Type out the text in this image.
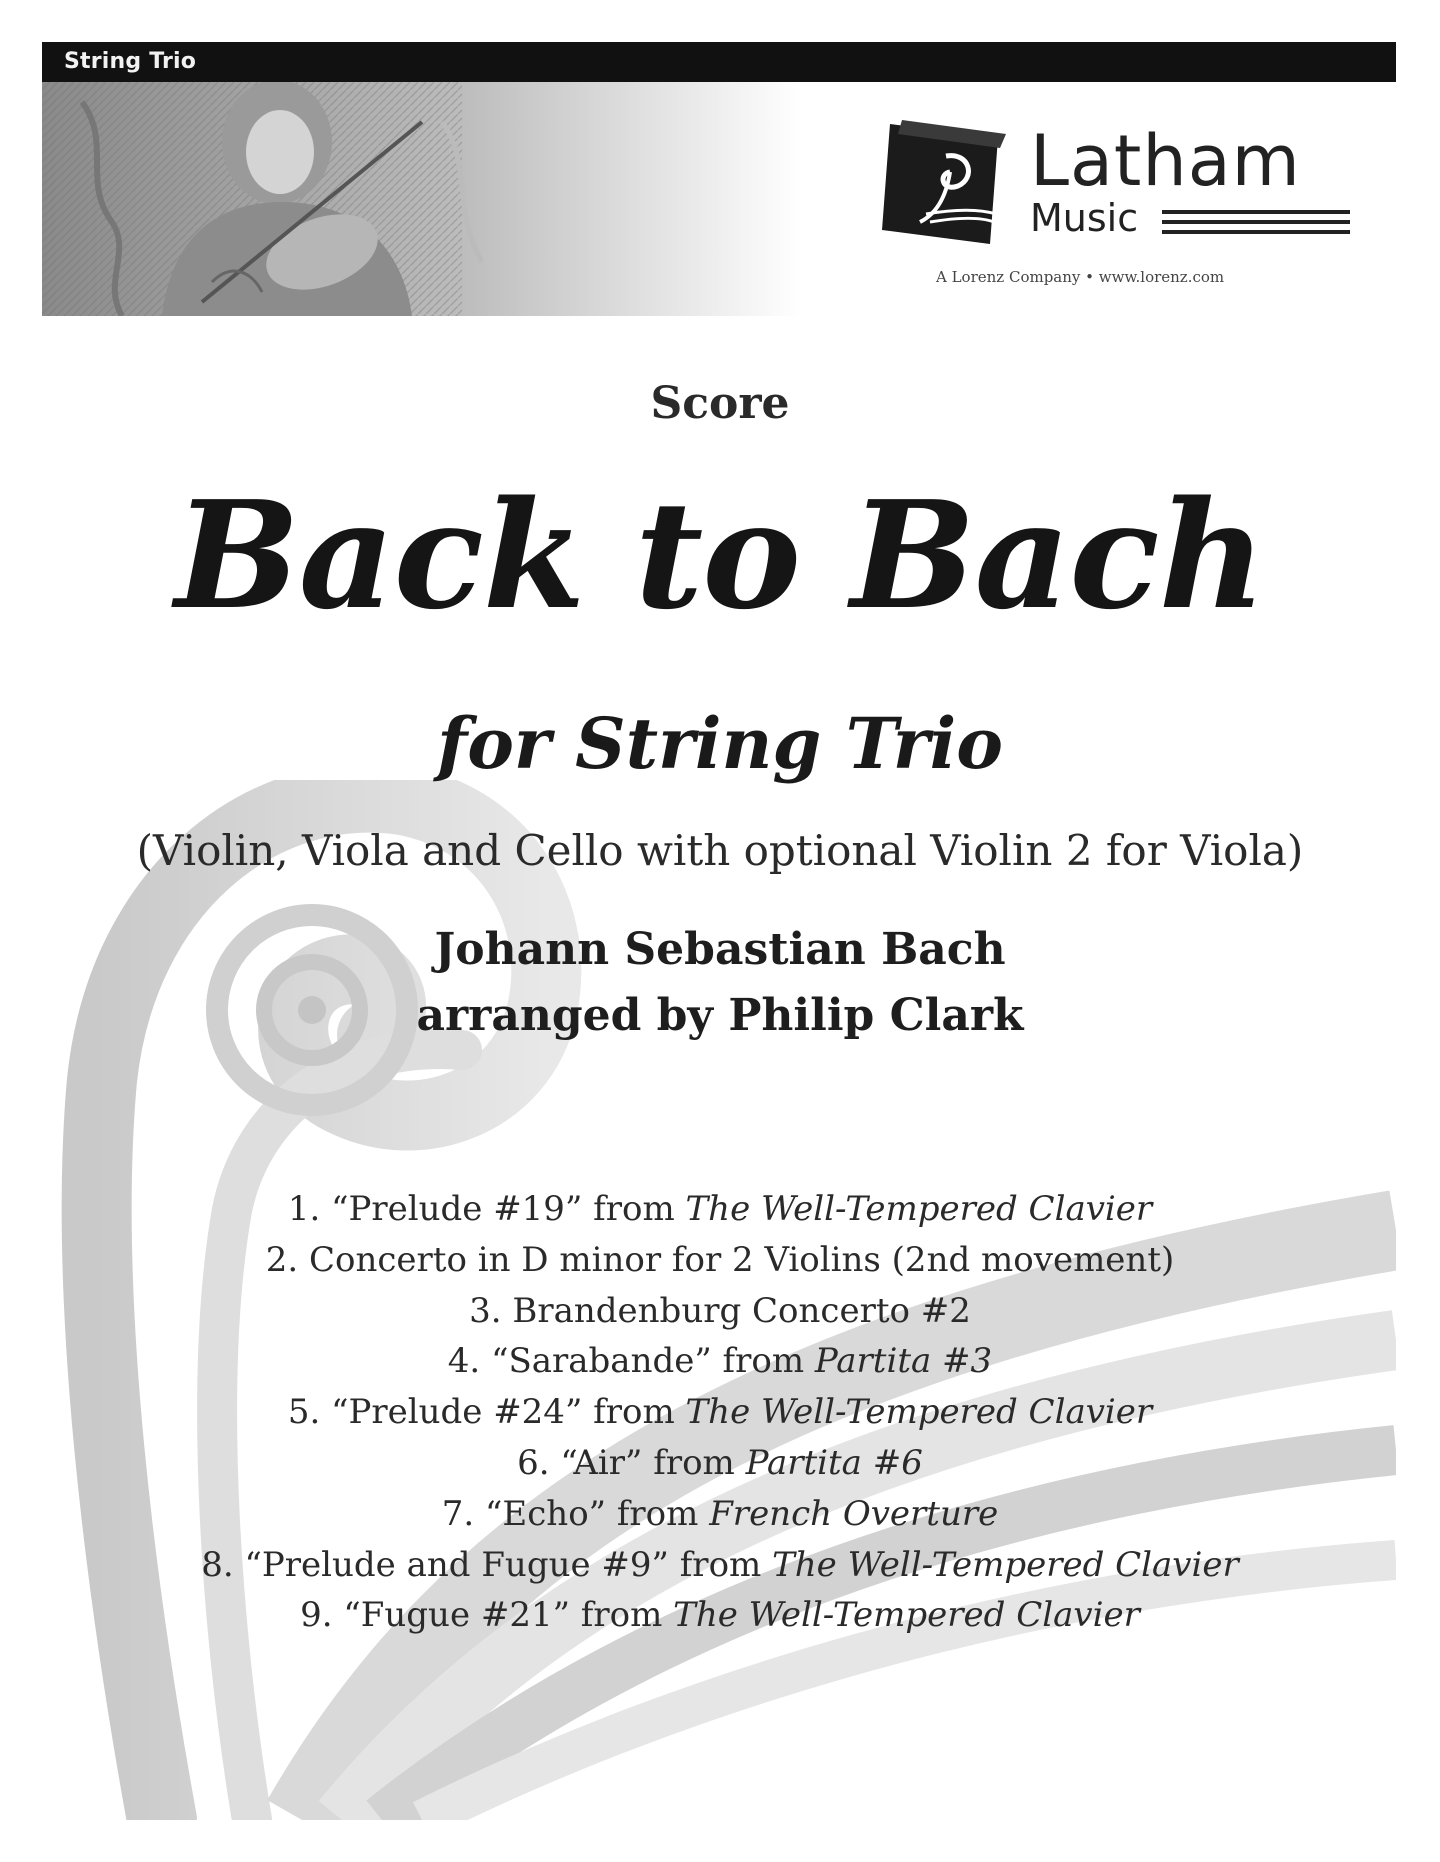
String Trio
Latham
Music
A Lorenz Company • www.lorenz.com
Score
Back to Bach
for String Trio
(Violin, Viola and Cello with optional Violin 2 for Viola)
Johann Sebastian Bach
arranged by Philip Clark
1. “Prelude #19” from The Well-Tempered Clavier
2. Concerto in D minor for 2 Violins (2nd movement)
3. Brandenburg Concerto #2
4. “Sarabande” from Partita #3
5. “Prelude #24” from The Well-Tempered Clavier
6. “Air” from Partita #6
7. “Echo” from French Overture
8. “Prelude and Fugue #9” from The Well-Tempered Clavier
9. “Fugue #21” from The Well-Tempered Clavier
